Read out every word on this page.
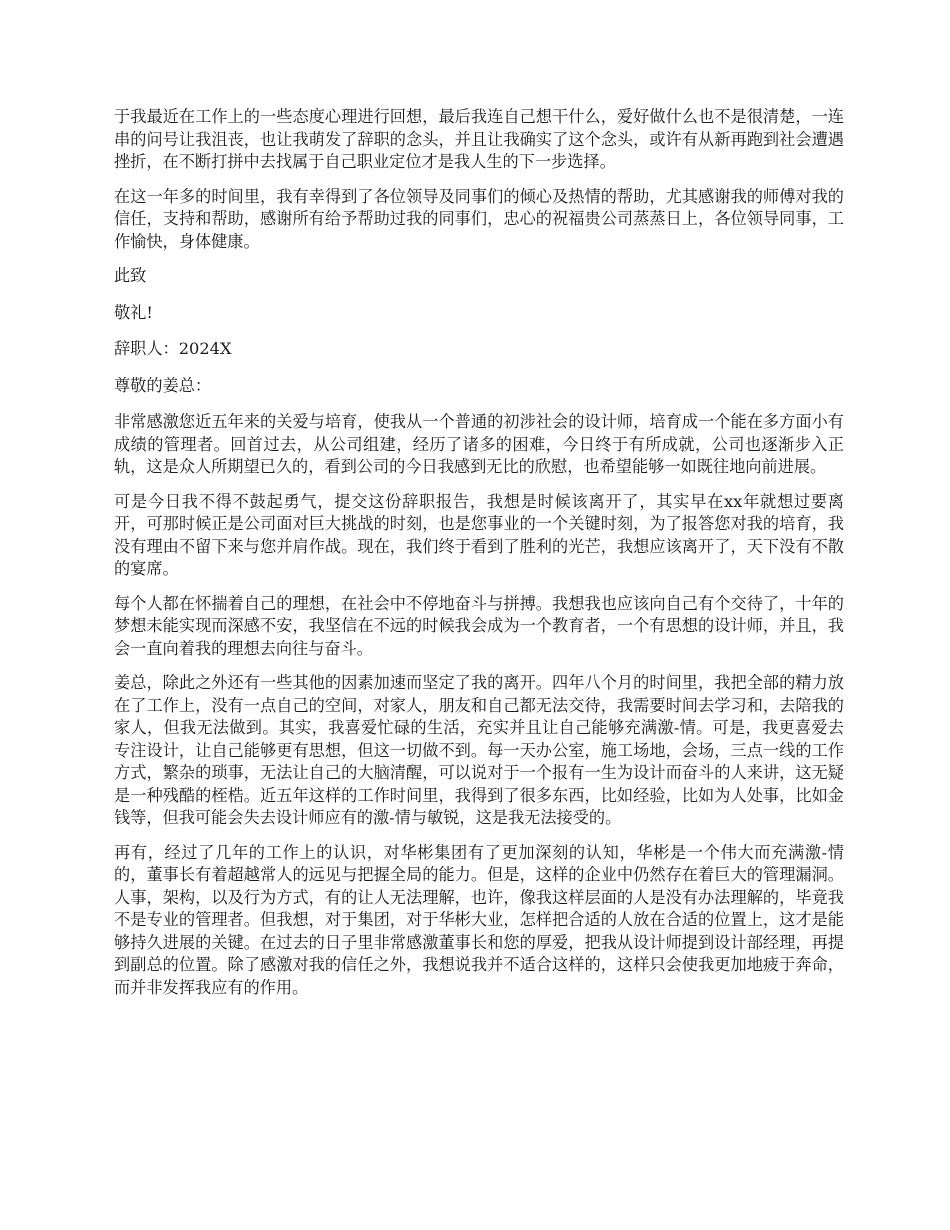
于我最近在工作上的一些态度心理进行回想，最后我连自己想干什么，爱好做什么也不是很清楚，一连串的问号让我沮丧，也让我萌发了辞职的念头，并且让我确实了这个念头，或许有从新再跑到社会遭遇挫折，在不断打拼中去找属于自己职业定位才是我人生的下一步选择。

在这一年多的时间里，我有幸得到了各位领导及同事们的倾心及热情的帮助，尤其感谢我的师傅对我的信任，支持和帮助，感谢所有给予帮助过我的同事们，忠心的祝福贵公司蒸蒸日上，各位领导同事，工作愉快，身体健康。

此致

敬礼!

辞职人：2024X

尊敬的姜总：

非常感激您近五年来的关爱与培育，使我从一个普通的初涉社会的设计师，培育成一个能在多方面小有成绩的管理者。回首过去，从公司组建，经历了诸多的困难，今日终于有所成就，公司也逐渐步入正轨，这是众人所期望已久的，看到公司的今日我感到无比的欣慰，也希望能够一如既往地向前进展。

可是今日我不得不鼓起勇气，提交这份辞职报告，我想是时候该离开了，其实早在xx年就想过要离开，可那时候正是公司面对巨大挑战的时刻，也是您事业的一个关键时刻，为了报答您对我的培育，我没有理由不留下来与您并肩作战。现在，我们终于看到了胜利的光芒，我想应该离开了，天下没有不散的宴席。

每个人都在怀揣着自己的理想，在社会中不停地奋斗与拼搏。我想我也应该向自己有个交待了，十年的梦想未能实现而深感不安，我坚信在不远的时候我会成为一个教育者，一个有思想的设计师，并且，我会一直向着我的理想去向往与奋斗。

姜总，除此之外还有一些其他的因素加速而坚定了我的离开。四年八个月的时间里，我把全部的精力放在了工作上，没有一点自己的空间，对家人，朋友和自己都无法交待，我需要时间去学习和，去陪我的家人，但我无法做到。其实，我喜爱忙碌的生活，充实并且让自己能够充满激-情。可是，我更喜爱去专注设计，让自己能够更有思想，但这一切做不到。每一天办公室，施工场地，会场，三点一线的工作方式，繁杂的琐事，无法让自己的大脑清醒，可以说对于一个报有一生为设计而奋斗的人来讲，这无疑是一种残酷的桎梏。近五年这样的工作时间里，我得到了很多东西，比如经验，比如为人处事，比如金钱等，但我可能会失去设计师应有的激-情与敏锐，这是我无法接受的。

再有，经过了几年的工作上的认识，对华彬集团有了更加深刻的认知，华彬是一个伟大而充满激-情的，董事长有着超越常人的远见与把握全局的能力。但是，这样的企业中仍然存在着巨大的管理漏洞。人事，架构，以及行为方式，有的让人无法理解，也许，像我这样层面的人是没有办法理解的，毕竟我不是专业的管理者。但我想，对于集团，对于华彬大业，怎样把合适的人放在合适的位置上，这才是能够持久进展的关键。在过去的日子里非常感激董事长和您的厚爱，把我从设计师提到设计部经理，再提到副总的位置。除了感激对我的信任之外，我想说我并不适合这样的，这样只会使我更加地疲于奔命，而并非发挥我应有的作用。
